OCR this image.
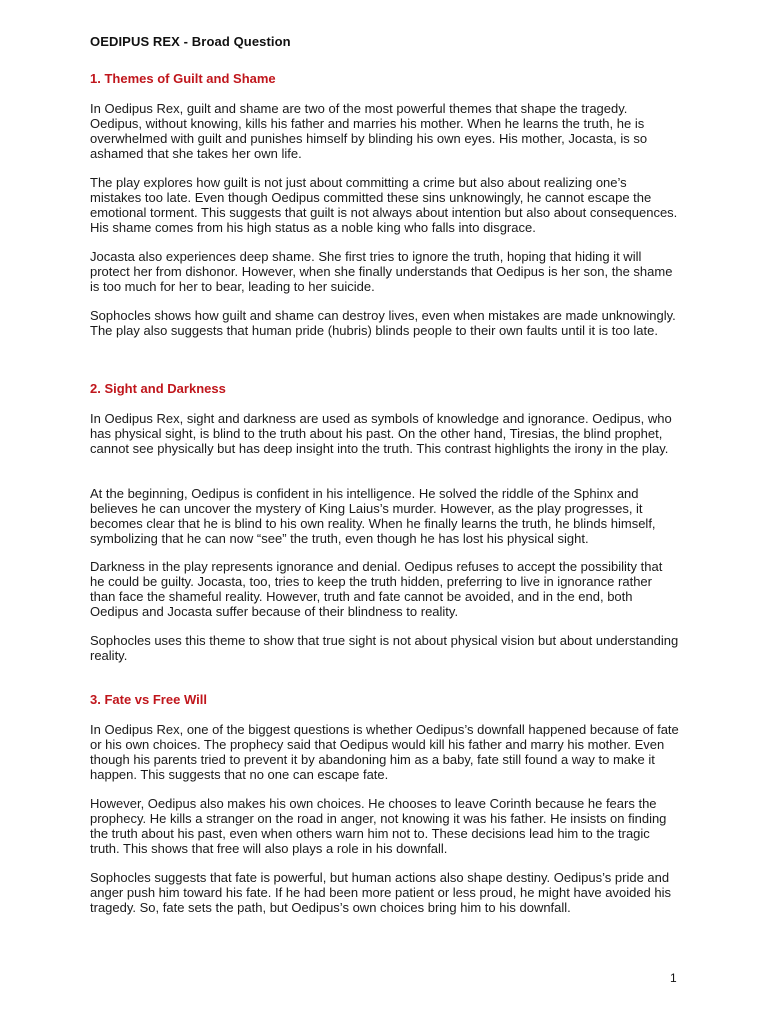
OEDIPUS REX - Broad Question
1. Themes of Guilt and Shame

In Oedipus Rex, guilt and shame are two of the most powerful themes that shape the tragedy. Oedipus, without knowing, kills his father and marries his mother. When he learns the truth, he is overwhelmed with guilt and punishes himself by blinding his own eyes. His mother, Jocasta, is so ashamed that she takes her own life.

The play explores how guilt is not just about committing a crime but also about realizing one’s mistakes too late. Even though Oedipus committed these sins unknowingly, he cannot escape the emotional torment. This suggests that guilt is not always about intention but also about consequences. His shame comes from his high status as a noble king who falls into disgrace.

Jocasta also experiences deep shame. She first tries to ignore the truth, hoping that hiding it will protect her from dishonor. However, when she finally understands that Oedipus is her son, the shame is too much for her to bear, leading to her suicide.

Sophocles shows how guilt and shame can destroy lives, even when mistakes are made unknowingly. The play also suggests that human pride (hubris) blinds people to their own faults until it is too late.

2. Sight and Darkness

In Oedipus Rex, sight and darkness are used as symbols of knowledge and ignorance. Oedipus, who has physical sight, is blind to the truth about his past. On the other hand, Tiresias, the blind prophet, cannot see physically but has deep insight into the truth. This contrast highlights the irony in the play.

At the beginning, Oedipus is confident in his intelligence. He solved the riddle of the Sphinx and believes he can uncover the mystery of King Laius’s murder. However, as the play progresses, it becomes clear that he is blind to his own reality. When he finally learns the truth, he blinds himself, symbolizing that he can now “see” the truth, even though he has lost his physical sight.

Darkness in the play represents ignorance and denial. Oedipus refuses to accept the possibility that he could be guilty. Jocasta, too, tries to keep the truth hidden, preferring to live in ignorance rather than face the shameful reality. However, truth and fate cannot be avoided, and in the end, both Oedipus and Jocasta suffer because of their blindness to reality.

Sophocles uses this theme to show that true sight is not about physical vision but about understanding reality.

3. Fate vs Free Will

In Oedipus Rex, one of the biggest questions is whether Oedipus’s downfall happened because of fate or his own choices. The prophecy said that Oedipus would kill his father and marry his mother. Even though his parents tried to prevent it by abandoning him as a baby, fate still found a way to make it happen. This suggests that no one can escape fate.

However, Oedipus also makes his own choices. He chooses to leave Corinth because he fears the prophecy. He kills a stranger on the road in anger, not knowing it was his father. He insists on finding the truth about his past, even when others warn him not to. These decisions lead him to the tragic truth. This shows that free will also plays a role in his downfall.

Sophocles suggests that fate is powerful, but human actions also shape destiny. Oedipus’s pride and anger push him toward his fate. If he had been more patient or less proud, he might have avoided his tragedy. So, fate sets the path, but Oedipus’s own choices bring him to his downfall.

1
